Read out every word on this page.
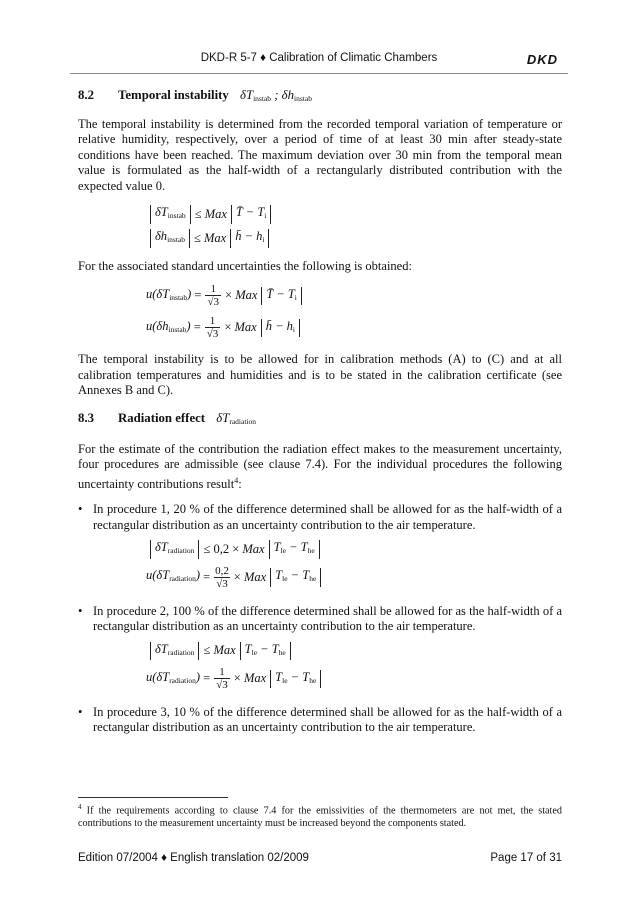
DKD-R 5-7 ♦ Calibration of Climatic Chambers	DKD
8.2 Temporal instability $\delta T_{instab}$ ; $\delta h_{instab}$

The temporal instability is determined from the recorded temporal variation of temperature or relative humidity, respectively, over a period of time of at least 30 min after steady-state conditions have been reached. The maximum deviation over 30 min from the temporal mean value is formulated as the half-width of a rectangularly distributed contribution with the expected value 0.

$\delta T_{instab}$ ≤ Max T̄ − $T_i$
$\delta h_{instab}$ ≤ Max h̄ − $h_i$

For the associated standard uncertainties the following is obtained:

$u(\delta T_{instab}) = \frac{1}{√3}$ × Max T̄ − $T_i$
$u(\delta h_{instab}) = \frac{1}{√3}$ × Max h̄ − $h_i$

The temporal instability is to be allowed for in calibration methods (A) to (C) and at all calibration temperatures and humidities and is to be stated in the calibration certificate (see Annexes B and C).

8.3 Radiation effect $\delta T_{radiation}$

For the estimate of the contribution the radiation effect makes to the measurement uncertainty, four procedures are admissible (see clause 7.4). For the individual procedures the following uncertainty contributions result$^4$:

• In procedure 1, 20 % of the difference determined shall be allowed for as the half-width of a rectangular distribution as an uncertainty contribution to the air temperature.
$\delta T_{radiation} \le 0,2$ × Max $T_{le} - T_{he}$
$u(\delta T_{radiation}) = \frac{0,2}{√3}$ × Max $T_{le} - T_{he}$
• In procedure 2, 100 % of the difference determined shall be allowed for as the half-width of a rectangular distribution as an uncertainty contribution to the air temperature.
$\delta T_{radiation}$ ≤ Max $T_{le} - T_{he}$
$u(\delta T_{radiation}) = \frac{1}{√3}$ × Max $T_{le} - T_{he}$
• In procedure 3, 10 % of the difference determined shall be allowed for as the half-width of a rectangular distribution as an uncertainty contribution to the air temperature.
$^4$ If the requirements according to clause 7.4 for the emissivities of the thermometers are not met, the stated contributions to the measurement uncertainty must be increased beyond the components stated.
Edition 07/2004 ♦ English translation 02/2009	Page 17 of 31
